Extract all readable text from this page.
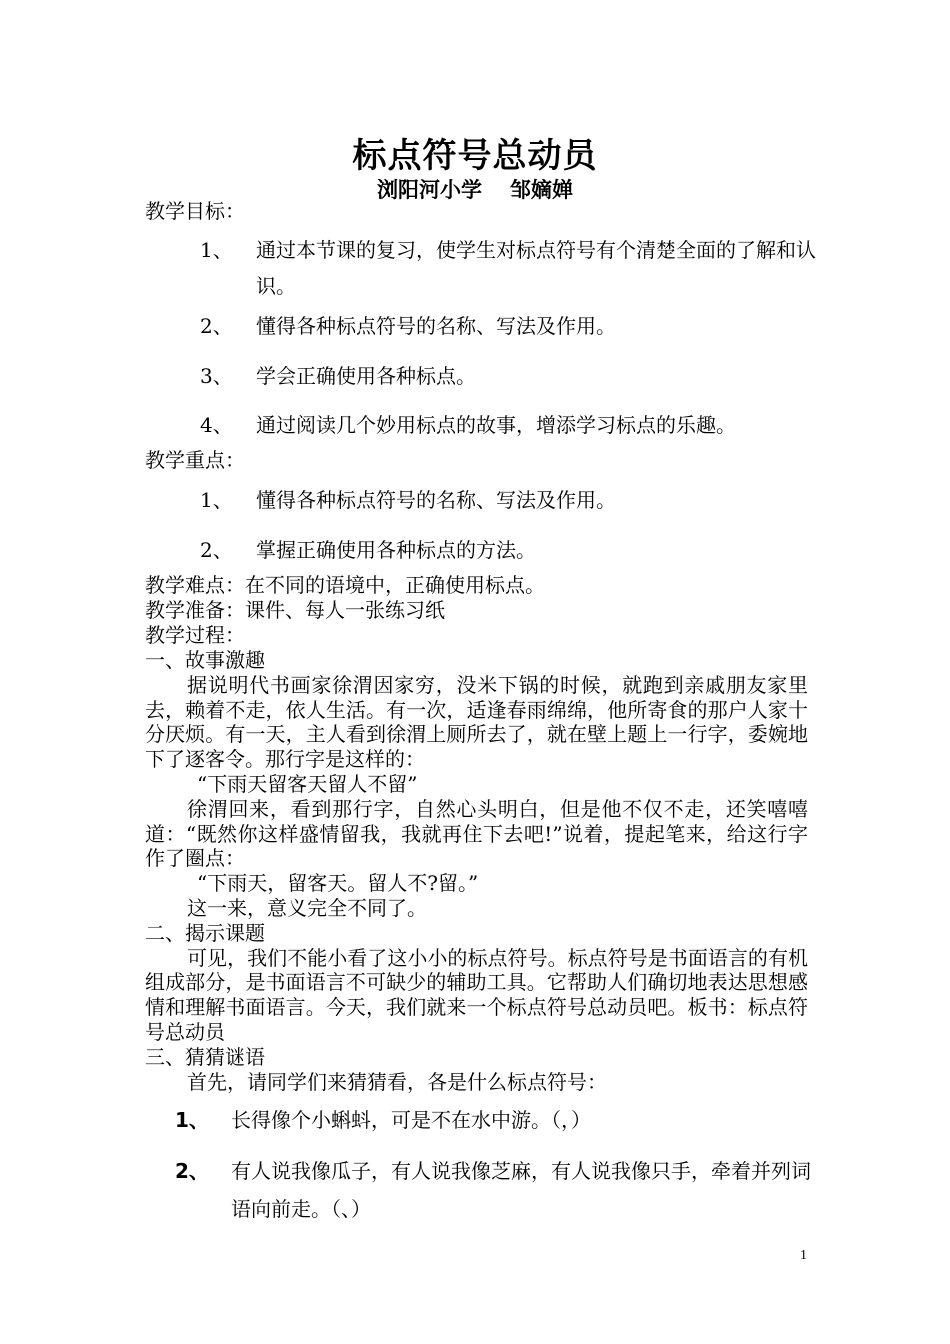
标点符号总动员
浏阳河小学 邹嫡婵
教学目标：
1、 通过本节课的复习，使学生对标点符号有个清楚全面的了解和认识。
2、 懂得各种标点符号的名称、写法及作用。
3、 学会正确使用各种标点。
4、 通过阅读几个妙用标点的故事，增添学习标点的乐趣。
教学重点：
1、 懂得各种标点符号的名称、写法及作用。
2、 掌握正确使用各种标点的方法。
教学难点：在不同的语境中，正确使用标点。
教学准备：课件、每人一张练习纸
教学过程：

一、故事激趣

据说明代书画家徐渭因家穷，没米下锅的时候，就跑到亲戚朋友家里去，赖着不走，依人生活。有一次，适逢春雨绵绵，他所寄食的那户人家十分厌烦。有一天，主人看到徐渭上厕所去了，就在壁上题上一行字，委婉地下了逐客令。那行字是这样的：

“下雨天留客天留人不留”

徐渭回来，看到那行字，自然心头明白，但是他不仅不走，还笑嘻嘻道：“既然你这样盛情留我，我就再住下去吧!”说着，提起笔来，给这行字作了圈点：

“下雨天，留客天。留人不?留。”

这一来，意义完全不同了。

二、揭示课题

可见，我们不能小看了这小小的标点符号。标点符号是书面语言的有机组成部分，是书面语言不可缺少的辅助工具。它帮助人们确切地表达思想感情和理解书面语言。今天，我们就来一个标点符号总动员吧。板书：标点符号总动员

三、猜猜谜语

首先，请同学们来猜猜看，各是什么标点符号：

1、 长得像个小蝌蚪，可是不在水中游。（，）
2、 有人说我像瓜子，有人说我像芝麻，有人说我像只手，牵着并列词语向前走。（、）
1
